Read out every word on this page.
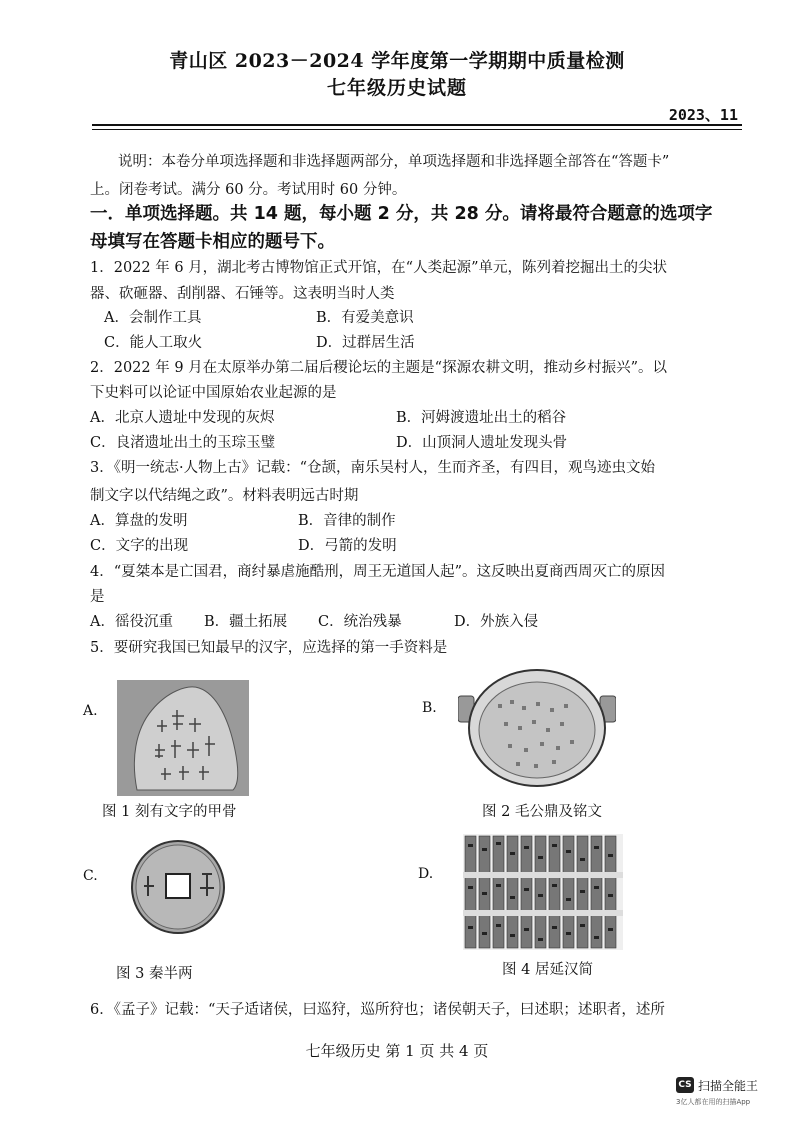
青山区 2023－2024 学年度第一学期期中质量检测
七年级历史试题
2023、11
说明：本卷分单项选择题和非选择题两部分，单项选择题和非选择题全部答在“答题卡”
上。闭卷考试。满分 60 分。考试用时 60 分钟。
一．单项选择题。共 14 题，每小题 2 分，共 28 分。请将最符合题意的选项字
母填写在答题卡相应的题号下。
1．2022 年 6 月，湖北考古博物馆正式开馆，在“人类起源”单元，陈列着挖掘出土的尖状
器、砍砸器、刮削器、石锤等。这表明当时人类
A．会制作工具	B．有爱美意识
C．能人工取火	D．过群居生活
2．2022 年 9 月在太原举办第二届后稷论坛的主题是“探源农耕文明，推动乡村振兴”。以
下史料可以论证中国原始农业起源的是
A．北京人遗址中发现的灰烬	B．河姆渡遗址出土的稻谷
C．良渚遗址出土的玉琮玉璧	D．山顶洞人遗址发现头骨
3．《明一统志·人物上古》记载：“仓颉，南乐吴村人，生而齐圣，有四目，观鸟迹虫文始
制文字以代结绳之政”。材料表明远古时期
A．算盘的发明	B．音律的制作
C．文字的出现	D．弓箭的发明
4．“夏桀本是亡国君，商纣暴虐施酷刑，周王无道国人起”。这反映出夏商西周灭亡的原因
是
A．徭役沉重 B．疆土拓展 C．统治残暴	D．外族入侵
5．要研究我国已知最早的汉字，应选择的第一手资料是
A.
图 1 刻有文字的甲骨
B.
图 2 毛公鼎及铭文
C.
图 3 秦半两
D.
图 4 居延汉简
6．《孟子》记载：“天子适诸侯，曰巡狩，巡所狩也；诸侯朝天子，曰述职；述职者，述所
七年级历史 第 1 页 共 4 页
CS 扫描全能王
3亿人都在用的扫描App
